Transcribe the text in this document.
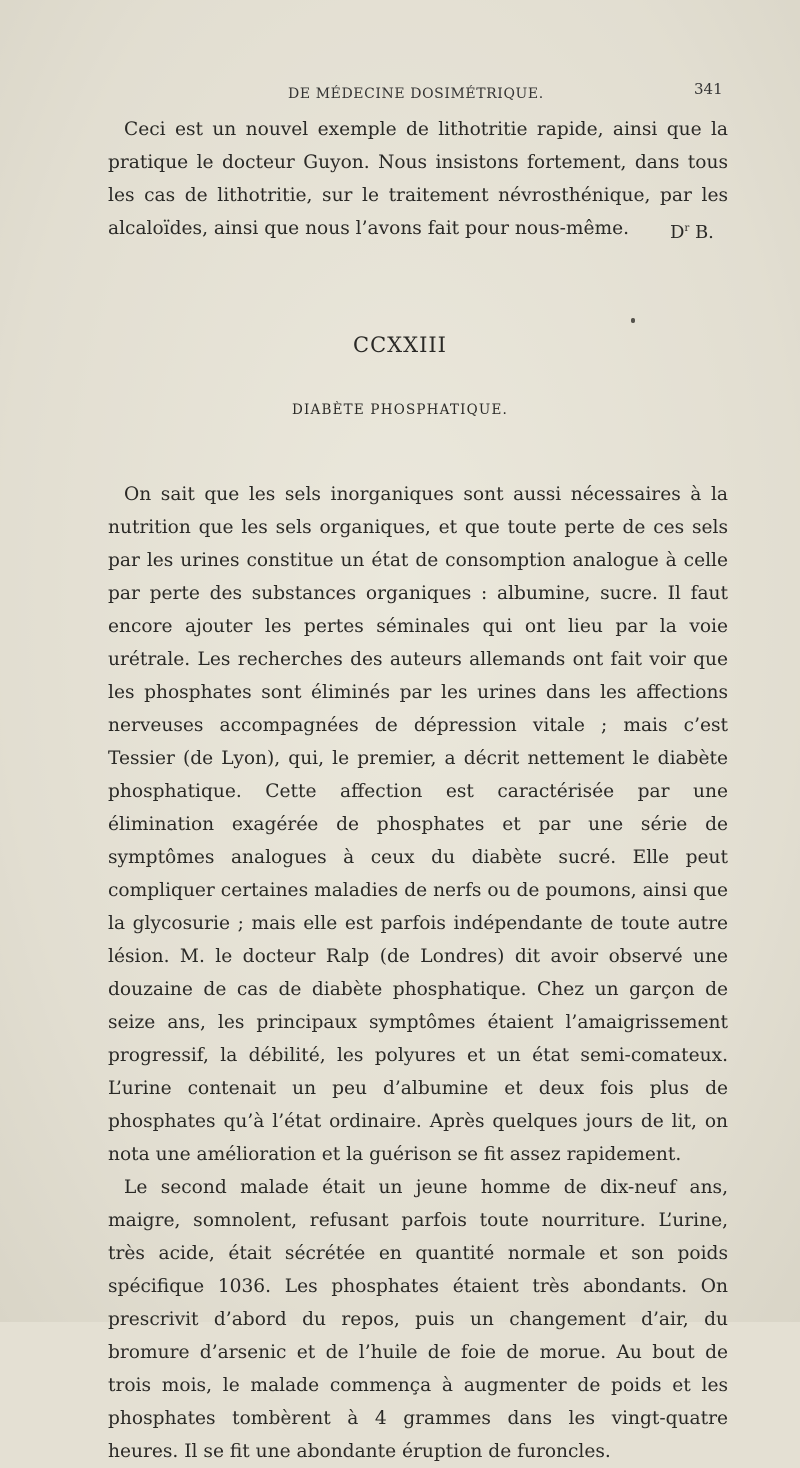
DE MÉDECINE DOSIMÉTRIQUE.	341

Ceci est un nouvel exemple de lithotritie rapide, ainsi que la pratique le docteur Guyon. Nous insistons fortement, dans tous les cas de lithotritie, sur le traitement névrosthénique, par les alcaloïdes, ainsi que nous l’avons fait pour nous-même.	$D^r$ B.
CCXXIII
DIABÈTE PHOSPHATIQUE.

On sait que les sels inorganiques sont aussi nécessaires à la nutrition que les sels organiques, et que toute perte de ces sels par les urines constitue un état de consomption analogue à celle par perte des substances organiques : albumine, sucre. Il faut encore ajouter les pertes séminales qui ont lieu par la voie urétrale. Les recherches des auteurs allemands ont fait voir que les phosphates sont éliminés par les urines dans les affections nerveuses accompagnées de dépression vitale ; mais c’est Tessier (de Lyon), qui, le premier, a décrit nettement le diabète phosphatique. Cette affection est caractérisée par une élimination exagérée de phosphates et par une série de symptômes analogues à ceux du diabète sucré. Elle peut compliquer certaines maladies de nerfs ou de poumons, ainsi que la glycosurie ; mais elle est parfois indépendante de toute autre lésion. M. le docteur Ralp (de Londres) dit avoir observé une douzaine de cas de diabète phosphatique. Chez un garçon de seize ans, les principaux symptômes étaient l’amaigrissement progressif, la débilité, les polyures et un état semi-comateux. L’urine contenait un peu d’albumine et deux fois plus de phosphates qu’à l’état ordinaire. Après quelques jours de lit, on nota une amélioration et la guérison se fit assez rapidement.

Le second malade était un jeune homme de dix-neuf ans, maigre, somnolent, refusant parfois toute nourriture. L’urine, très acide, était sécrétée en quantité normale et son poids spécifique 1036. Les phosphates étaient très abondants. On prescrivit d’abord du repos, puis un changement d’air, du bromure d’arsenic et de l’huile de foie de morue. Au bout de trois mois, le malade commença à augmenter de poids et les phosphates tombèrent à 4 grammes dans les vingt-quatre heures. Il se fit une abondante éruption de furoncles.
